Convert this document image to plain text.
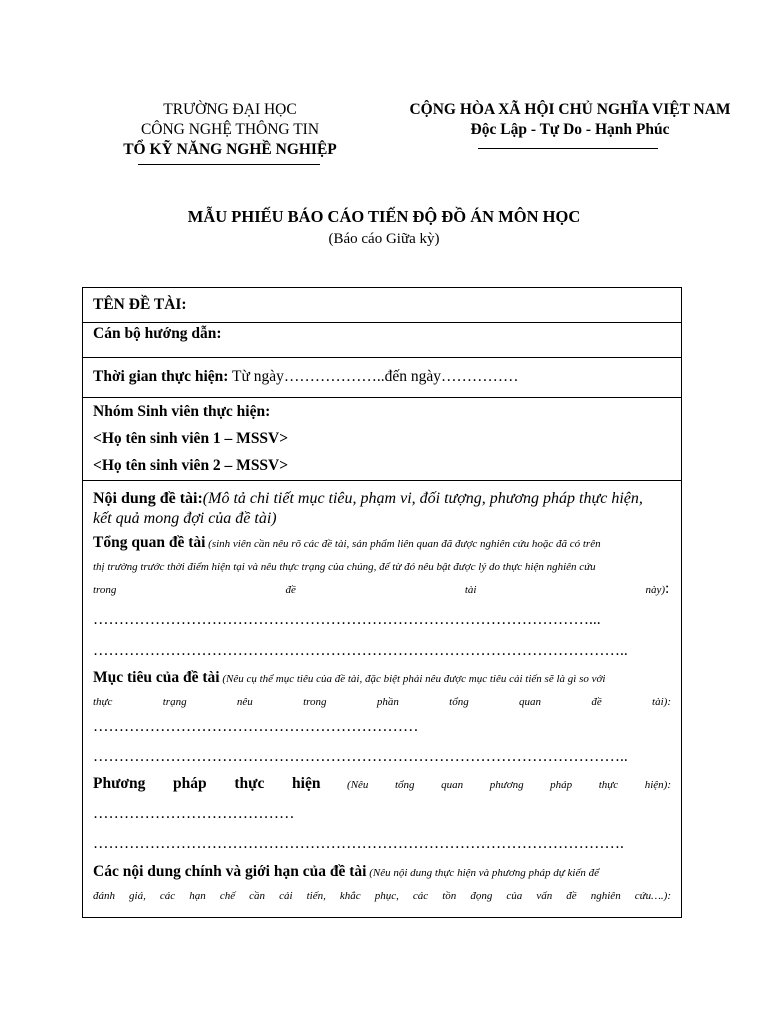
TRƯỜNG ĐẠI HỌC
CÔNG NGHỆ THÔNG TIN
TỔ KỸ NĂNG NGHỀ NGHIỆP
CỘNG HÒA XÃ HỘI CHỦ NGHĨA VIỆT NAM
Độc Lập - Tự Do - Hạnh Phúc
MẪU PHIẾU BÁO CÁO TIẾN ĐỘ ĐỒ ÁN MÔN HỌC
(Báo cáo Giữa kỳ)
TÊN ĐỀ TÀI:
Cán bộ hướng dẫn:
Thời gian thực hiện: Từ ngày………………..đến ngày……………
Nhóm Sinh viên thực hiện:
<Họ tên sinh viên 1 – MSSV>
<Họ tên sinh viên 2 – MSSV>
Nội dung đề tài:(Mô tả chi tiết mục tiêu, phạm vi, đối tượng, phương pháp thực hiện,
kết quả mong đợi của đề tài)
Tổng quan đề tài (sinh viên cần nêu rõ các đề tài, sản phẩm liên quan đã được nghiên cứu hoặc đã có trên
thị trường trước thời điểm hiện tại và nêu thực trạng của chúng, để từ đó nêu bật được lý do thực hiện nghiên cứu
trong đề tài này):
……………………………………………………………………………………...
…………………………………………………………………………………………..
Mục tiêu của đề tài (Nêu cụ thể mục tiêu của đề tài, đặc biệt phải nêu được mục tiêu cải tiến sẽ là gì so với
thực trạng nêu trong phần tổng quan đề tài):
………………………………………………………
…………………………………………………………………………………………..
Phương pháp thực hiện (Nêu tổng quan phương pháp thực hiện):
…………………………………
………………………………………………………………………………………….
Các nội dung chính và giới hạn của đề tài (Nêu nội dung thực hiện và phương pháp dự kiến để
đánh giá, các hạn chế cần cải tiến, khắc phục, các tồn đọng của vấn đề nghiên cứu….):
